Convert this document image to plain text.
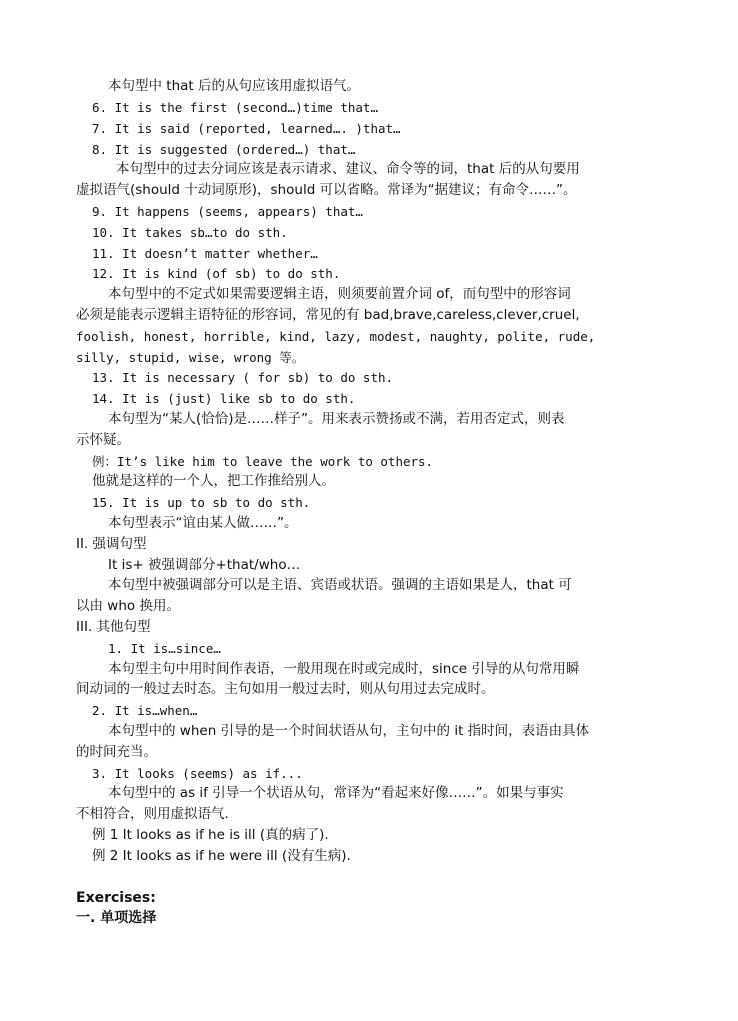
本句型中 that 后的从句应该用虚拟语气。
6. It is the first (second…)time that…
7. It is said (reported, learned…. )that…
8. It is suggested (ordered…) that…
本句型中的过去分词应该是表示请求、建议、命令等的词，that 后的从句要用
虚拟语气(should 十动词原形)，should 可以省略。常译为“据建议；有命令……”。
9. It happens (seems, appears) that…
10. It takes sb…to do sth.
11. It doesn’t matter whether…
12. It is kind (of sb) to do sth.
本句型中的不定式如果需要逻辑主语，则须要前置介词 of，而句型中的形容词
必须是能表示逻辑主语特征的形容词，常见的有 bad,brave,careless,clever,cruel,
foolish, honest, horrible, kind, lazy, modest, naughty, polite, rude,
silly, stupid, wise, wrong 等。
13. It is necessary ( for sb) to do sth.
14. It is (just) like sb to do sth.
本句型为“某人(恰恰)是……样子”。用来表示赞扬或不满，若用否定式，则表
示怀疑。
例：It’s like him to leave the work to others.
他就是这样的一个人，把工作推给别人。
15. It is up to sb to do sth.
本句型表示“谊由某人做……”。
II. 强调句型
It is+ 被强调部分+that/who…
本句型中被强调部分可以是主语、宾语或状语。强调的主语如果是人，that 可
以由 who 换用。
III. 其他句型
1. It is…since…
本句型主句中用时间作表语，一般用现在时或完成时，since 引导的从句常用瞬
间动词的一般过去时态。主句如用一般过去时，则从句用过去完成时。
2. It is…when…
本句型中的 when 引导的是一个时间状语从句，主句中的 it 指时间，表语由具体
的时间充当。
3. It looks (seems) as if...
本句型中的 as if 引导一个状语从句，常译为“看起来好像……”。如果与事实
不相符合，则用虚拟语气.
例 1 It looks as if he is ill (真的病了).
例 2 It looks as if he were ill (没有生病).
Exercises:
一. 单项选择
